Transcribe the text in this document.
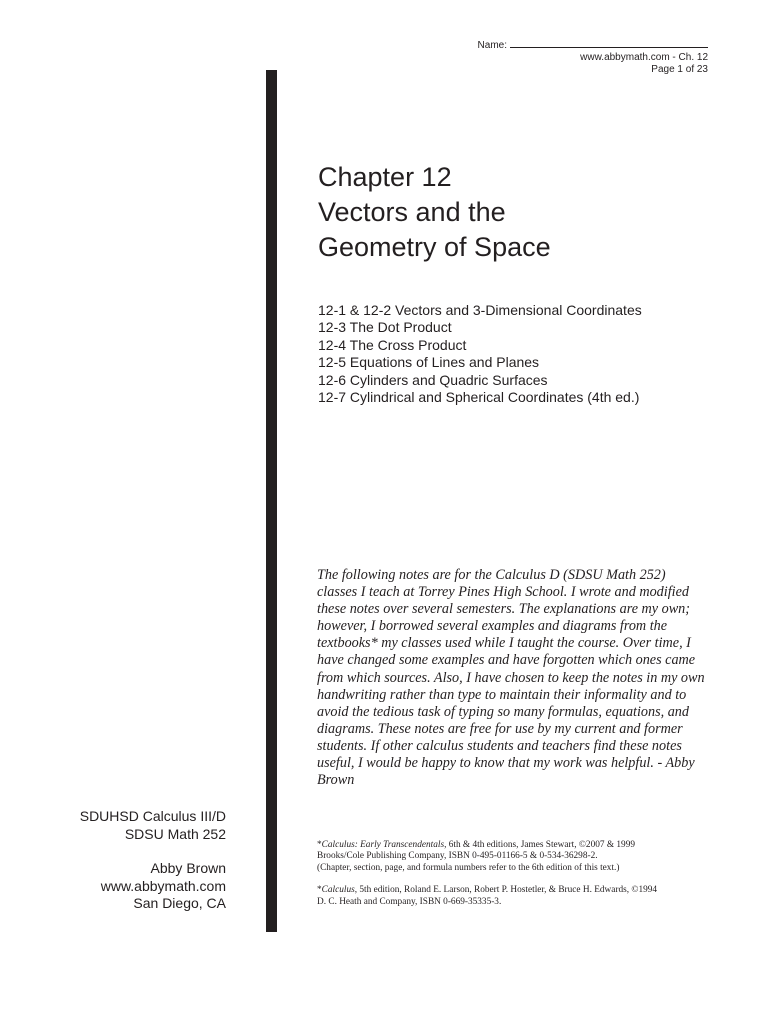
Name:
www.abbymath.com - Ch. 12
Page 1 of 23
Chapter 12
Vectors and the
Geometry of Space
12-1 & 12-2 Vectors and 3-Dimensional Coordinates
12-3 The Dot Product
12-4 The Cross Product
12-5 Equations of Lines and Planes
12-6 Cylinders and Quadric Surfaces
12-7 Cylindrical and Spherical Coordinates (4th ed.)

The following notes are for the Calculus D (SDSU Math 252) classes I teach at Torrey Pines High School. I wrote and modified these notes over several semesters. The explanations are my own; however, I borrowed several examples and diagrams from the textbooks* my classes used while I taught the course. Over time, I have changed some examples and have forgotten which ones came from which sources. Also, I have chosen to keep the notes in my own handwriting rather than type to maintain their informality and to avoid the tedious task of typing so many formulas, equations, and diagrams. These notes are free for use by my current and former students. If other calculus students and teachers find these notes useful, I would be happy to know that my work was helpful. - Abby Brown

SDUHSD Calculus III/D
SDSU Math 252
Abby Brown
www.abbymath.com
San Diego, CA

*Calculus: Early Transcendentals, 6th & 4th editions, James Stewart, ©2007 & 1999
Brooks/Cole Publishing Company, ISBN 0-495-01166-5 & 0-534-36298-2.
(Chapter, section, page, and formula numbers refer to the 6th edition of this text.)

*Calculus, 5th edition, Roland E. Larson, Robert P. Hostetler, & Bruce H. Edwards, ©1994
D. C. Heath and Company, ISBN 0-669-35335-3.
